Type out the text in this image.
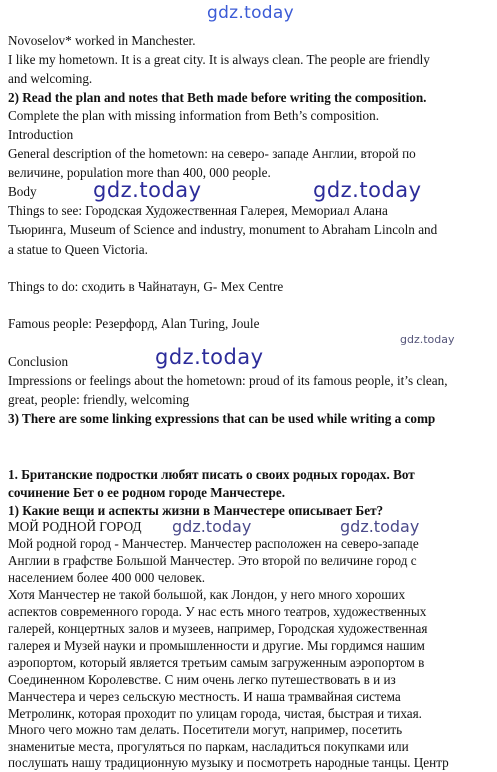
gdz.today
gdz.today	gdz.today
gdz.today
gdz.today
gdz.today	gdz.today
Novoselov* worked in Manchester.
I like my hometown. It is a great city. It is always clean. The people are friendly
and welcoming.
2) Read the plan and notes that Beth made before writing the composition.
Complete the plan with missing information from Beth’s composition.
Introduction
General description of the hometown: на северо- западе Англии, второй по
величине, population more than 400, 000 people.
Body
Things to see: Городская Художественная Галерея, Мемориал Алана
Тьюринга, Museum of Science and industry, monument to Abraham Lincoln and
a statue to Queen Victoria.
Things to do: сходить в Чайнатаун, G- Mex Centre
Famous people: Резерфорд, Alan Turing, Joule
Conclusion
Impressions or feelings about the hometown: proud of its famous people, it’s clean,
great, people: friendly, welcoming
3) There are some linking expressions that can be used while writing a comp
1. Британские подростки любят писать о своих родных городах. Вот
сочинение Бет о ее родном городе Манчестере.
1) Какие вещи и аспекты жизни в Манчестере описывает Бет?
МОЙ РОДНОЙ ГОРОД
Мой родной город - Манчестер. Манчестер расположен на северо-западе
Англии в графстве Большой Манчестер. Это второй по величине город с
населением более 400 000 человек.
Хотя Манчестер не такой большой, как Лондон, у него много хороших
аспектов современного города. У нас есть много театров, художественных
галерей, концертных залов и музеев, например, Городская художественная
галерея и Музей науки и промышленности и другие. Мы гордимся нашим
аэропортом, который является третьим самым загруженным аэропортом в
Соединенном Королевстве. С ним очень легко путешествовать в и из
Манчестера и через сельскую местность. И наша трамвайная система
Метролинк, которая проходит по улицам города, чистая, быстрая и тихая.
Много чего можно там делать. Посетители могут, например, посетить
знаменитые места, прогуляться по паркам, насладиться покупками или
послушать нашу традиционную музыку и посмотреть народные танцы. Центр
